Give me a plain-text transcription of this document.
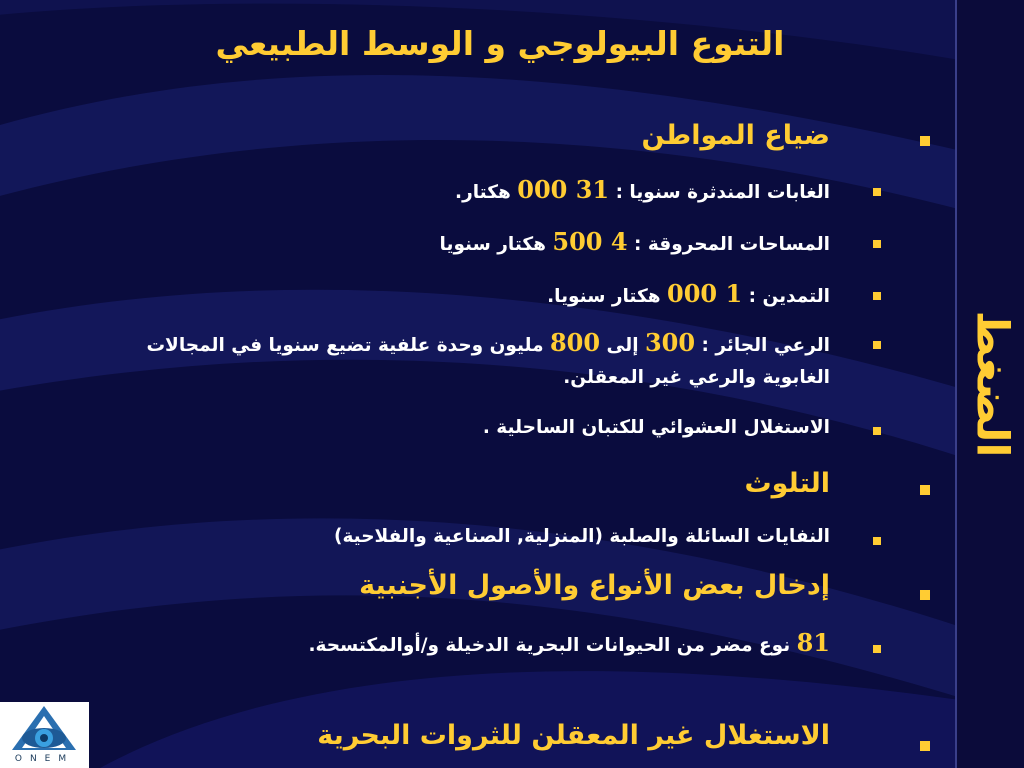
التنوع البيولوجي و الوسط الطبيعي
ضياع المواطن
الغابات المندثرة سنويا : 31 000 هكتار.
المساحات المحروقة : 4 500 هكتار سنويا
التمدين : 1 000 هكتار سنويا.
الرعي الجائر : 300 إلى 800 مليون وحدة علفية تضيع سنويا في المجالات
الغابوية والرعي غير المعقلن.
الاستغلال العشوائي للكتبان الساحلية .
التلوث
النفايات السائلة والصلبة (المنزلية, الصناعية والفلاحية)
إدخال بعض الأنواع والأصول الأجنبية
81 نوع مضر من الحيوانات البحرية الدخيلة و/أوالمكتسحة.
الاستغلال غير المعقلن للثروات البحرية
الضغط
ONEM
